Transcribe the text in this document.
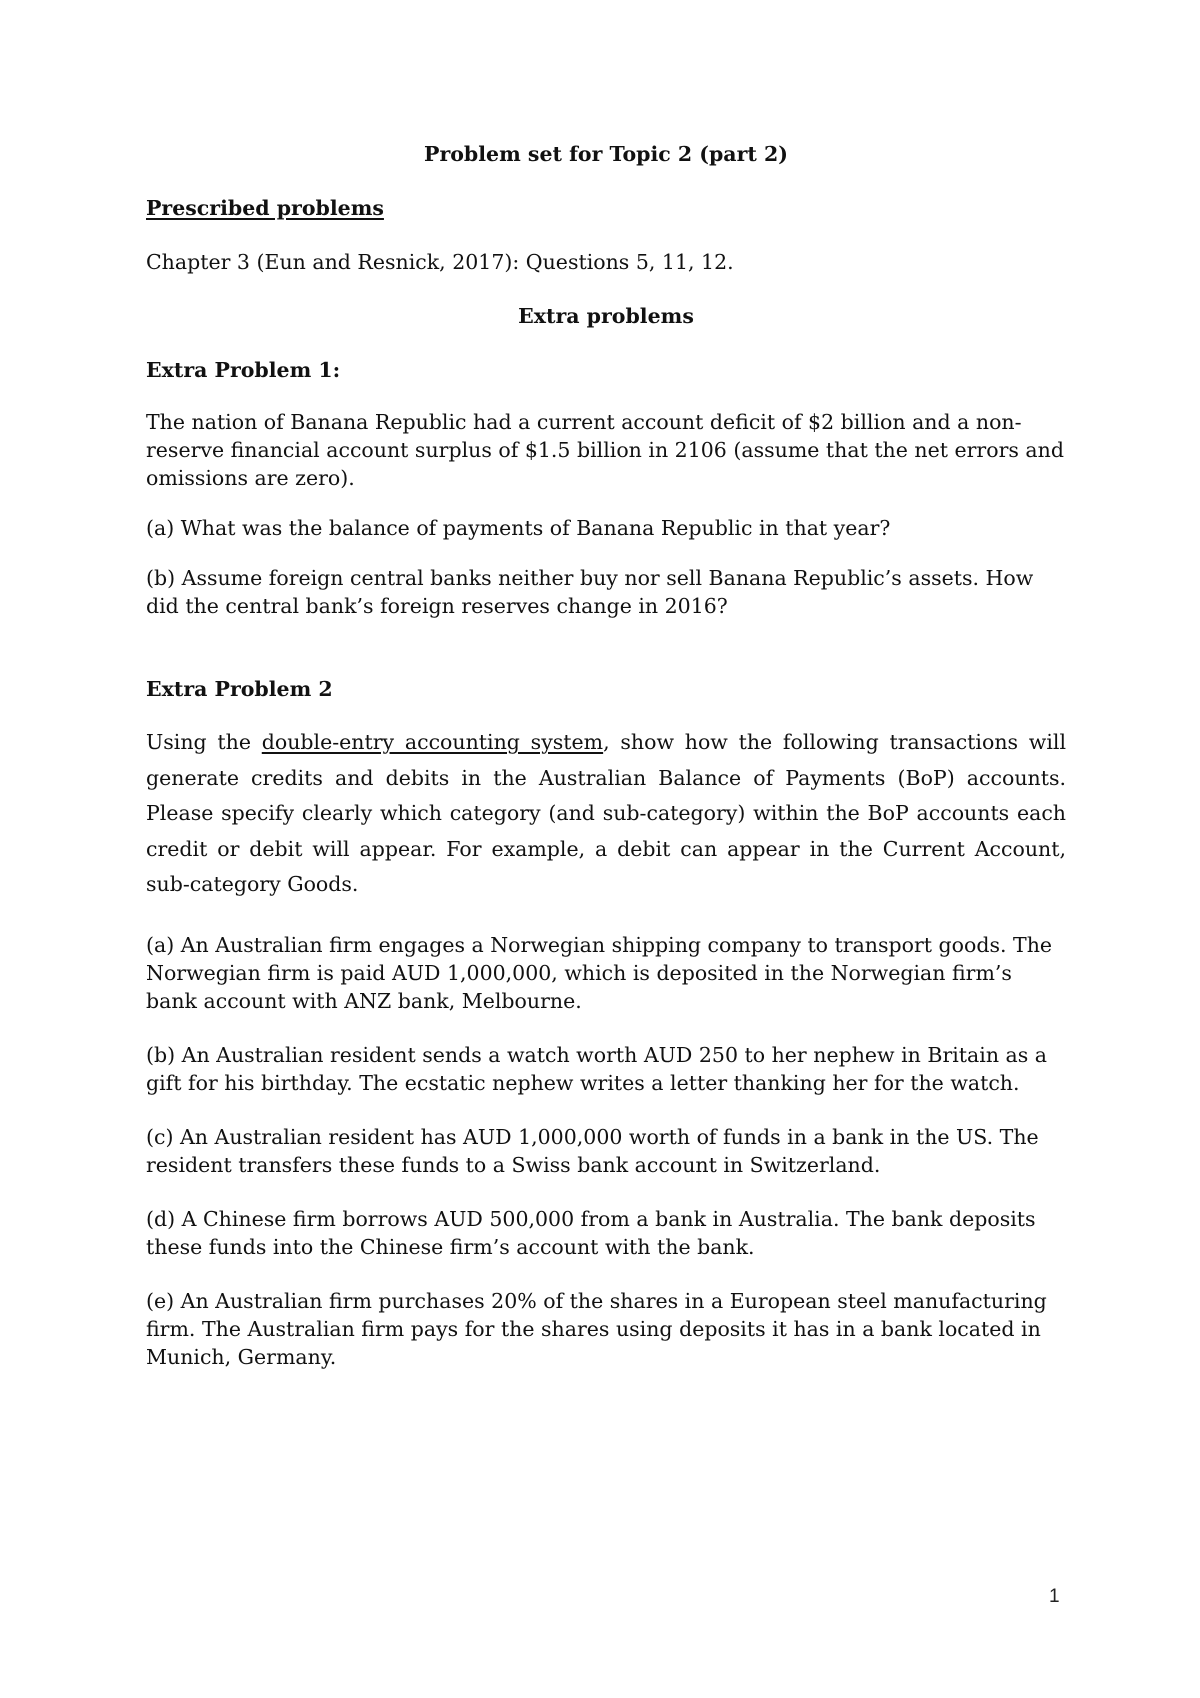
Problem set for Topic 2 (part 2)

Prescribed problems

Chapter 3 (Eun and Resnick, 2017): Questions 5, 11, 12.

Extra problems

Extra Problem 1:

The nation of Banana Republic had a current account deficit of $2 billion and a non-reserve financial account surplus of $1.5 billion in 2106 (assume that the net errors and omissions are zero).

(a) What was the balance of payments of Banana Republic in that year?

(b) Assume foreign central banks neither buy nor sell Banana Republic’s assets. How did the central bank’s foreign reserves change in 2016?

Extra Problem 2

Using the double-entry accounting system, show how the following transactions will generate credits and debits in the Australian Balance of Payments (BoP) accounts. Please specify clearly which category (and sub-category) within the BoP accounts each credit or debit will appear. For example, a debit can appear in the Current Account, sub-category Goods.

(a) An Australian firm engages a Norwegian shipping company to transport goods. The Norwegian firm is paid AUD 1,000,000, which is deposited in the Norwegian firm’s bank account with ANZ bank, Melbourne.

(b) An Australian resident sends a watch worth AUD 250 to her nephew in Britain as a gift for his birthday. The ecstatic nephew writes a letter thanking her for the watch.

(c) An Australian resident has AUD 1,000,000 worth of funds in a bank in the US. The resident transfers these funds to a Swiss bank account in Switzerland.

(d) A Chinese firm borrows AUD 500,000 from a bank in Australia. The bank deposits these funds into the Chinese firm’s account with the bank.

(e) An Australian firm purchases 20% of the shares in a European steel manufacturing firm. The Australian firm pays for the shares using deposits it has in a bank located in Munich, Germany.

1
